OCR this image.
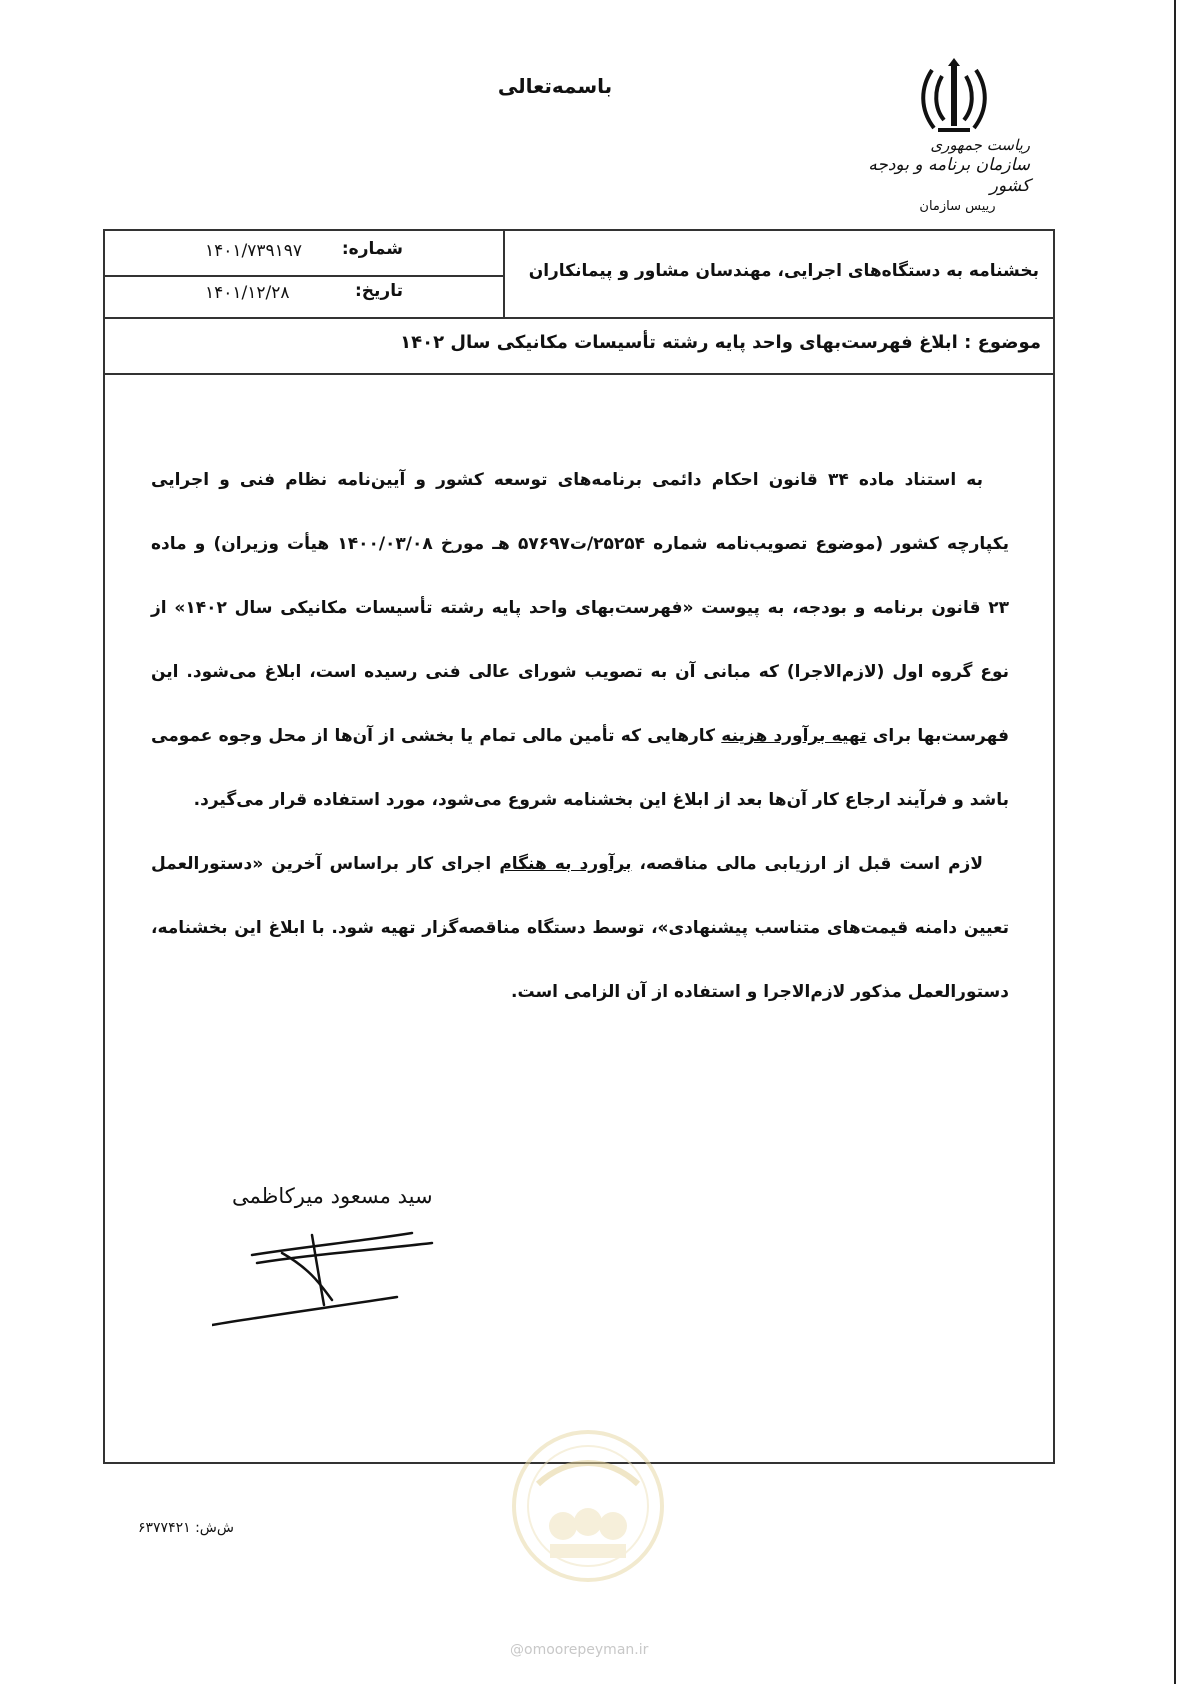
باسمه‌تعالی
ریاست جمهوری
سازمان برنامه و بودجه کشور
رییس سازمان
شماره:
۱۴۰۱/۷۳۹۱۹۷
تاریخ:
۱۴۰۱/۱۲/۲۸
بخشنامه به دستگاه‌های اجرایی، مهندسان مشاور و پیمانکاران
موضوع : ابلاغ فهرست‌بهای واحد پایه رشته تأسیسات مکانیکی سال ۱۴۰۲

به استناد ماده ۳۴ قانون احکام دائمی برنامه‌های توسعه کشور و آیین‌نامه نظام فنی و اجرایی یکپارچه کشور (موضوع تصویب‌نامه شماره ۲۵۲۵۴/ت۵۷۶۹۷ هـ مورخ ۱۴۰۰/۰۳/۰۸ هیأت وزیران) و ماده ۲۳ قانون برنامه و بودجه، به پیوست «فهرست‌بهای واحد پایه رشته تأسیسات مکانیکی سال ۱۴۰۲» از نوع گروه اول (لازم‌الاجرا) که مبانی آن به تصویب شورای عالی فنی رسیده است، ابلاغ می‌شود. این فهرست‌بها برای تهیه برآورد هزینه کارهایی که تأمین مالی تمام یا بخشی از آن‌ها از محل وجوه عمومی باشد و فرآیند ارجاع کار آن‌ها بعد از ابلاغ این بخشنامه شروع می‌شود، مورد استفاده قرار می‌گیرد.

لازم است قبل از ارزیابی مالی مناقصه، برآورد به هنگام اجرای کار براساس آخرین «دستورالعمل تعیین دامنه قیمت‌های متناسب پیشنهادی»، توسط دستگاه مناقصه‌گزار تهیه شود. با ابلاغ این بخشنامه، دستورالعمل مذکور لازم‌الاجرا و استفاده از آن الزامی است.

سید مسعود میرکاظمی
ش‌ش: ۶۳۷۷۴۲۱
@omoorepeyman.ir
